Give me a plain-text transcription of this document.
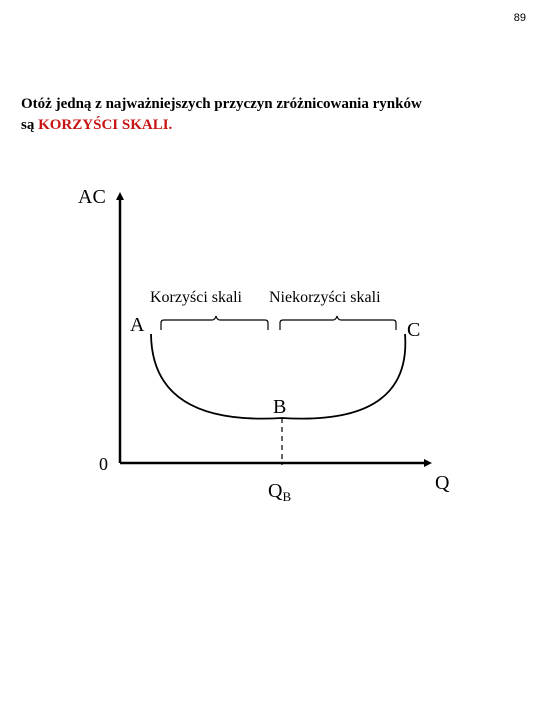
89
Otóż jedną z najważniejszych przyczyn zróżnicowania rynków
są KORZYŚCI SKALI.
AC
Q
0
A
B
C
$Q_B$
Korzyści skali Niekorzyści skali
